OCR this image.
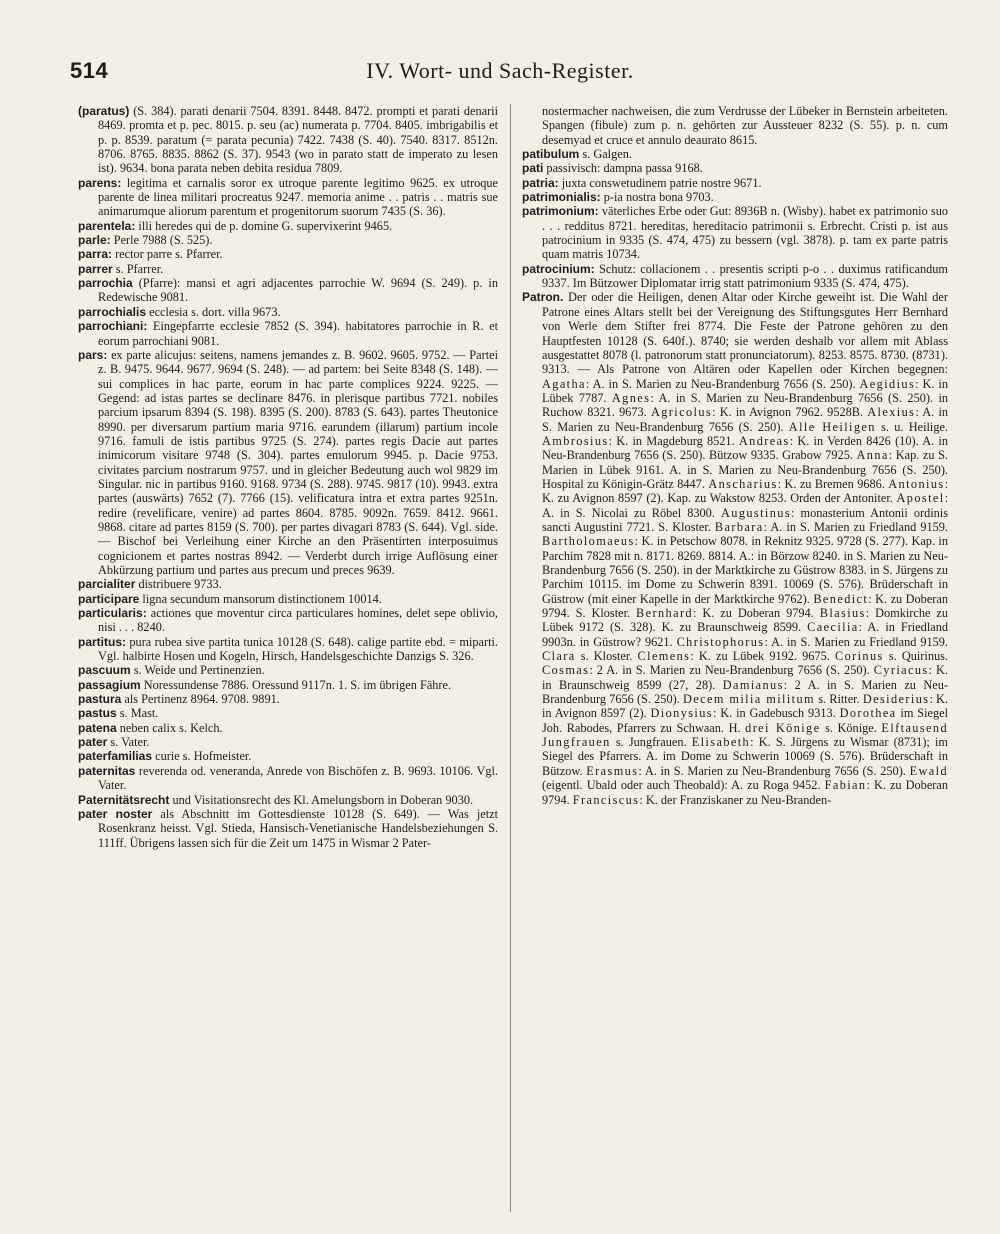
514	IV. Wort- und Sach-Register.

(paratus) (S. 384). parati denarii 7504. 8391. 8448. 8472. prompti et parati denarii 8469. promta et p. pec. 8015. p. seu (ac) numerata p. 7704. 8405. imbrigabilis et p. p. 8539. paratum (= parata pecunia) 7422. 7438 (S. 40). 7540. 8317. 8512n. 8706. 8765. 8835. 8862 (S. 37). 9543 (wo in parato statt de imperato zu lesen ist). 9634. bona parata neben debita residua 7809.

parens: legitima et carnalis soror ex utroque parente legitimo 9625. ex utroque parente de linea militari procreatus 9247. memoria anime . . patris . . matris sue animarumque aliorum parentum et progenitorum suorum 7435 (S. 36).

parentela: illi heredes qui de p. domine G. supervixerint 9465.

parle: Perle 7988 (S. 525).

parra: rector parre s. Pfarrer.

parrer s. Pfarrer.

parrochia (Pfarre): mansi et agri adjacentes parrochie W. 9694 (S. 249). p. in Redewische 9081.

parrochialis ecclesia s. dort. villa 9673.

parrochiani: Eingepfarrte ecclesie 7852 (S. 394). habitatores parrochie in R. et eorum parrochiani 9081.

pars: ex parte alicujus: seitens, namens jemandes z. B. 9602. 9605. 9752. — Partei z. B. 9475. 9644. 9677. 9694 (S. 248). — ad partem: bei Seite 8348 (S. 148). — sui complices in hac parte, eorum in hac parte complices 9224. 9225. — Gegend: ad istas partes se declinare 8476. in plerisque partibus 7721. nobiles parcium ipsarum 8394 (S. 198). 8395 (S. 200). 8783 (S. 643). partes Theutonice 8990. per diversarum partium maria 9716. earundem (illarum) partium incole 9716. famuli de istis partibus 9725 (S. 274). partes regis Dacie aut partes inimicorum visitare 9748 (S. 304). partes emulorum 9945. p. Dacie 9753. civitates parcium nostrarum 9757. und in gleicher Bedeutung auch wol 9829 im Singular. nic in partibus 9160. 9168. 9734 (S. 288). 9745. 9817 (10). 9943. extra partes (auswärts) 7652 (7). 7766 (15). velificatura intra et extra partes 9251n. redire (revelificare, venire) ad partes 8604. 8785. 9092n. 7659. 8412. 9661. 9868. citare ad partes 8159 (S. 700). per partes divagari 8783 (S. 644). Vgl. side. — Bischof bei Verleihung einer Kirche an den Präsentirten interposuimus cognicionem et partes nostras 8942. — Verderbt durch irrige Auflösung einer Abkürzung partium und partes aus precum und preces 9639.

parcialiter distribuere 9733.

participare ligna secundum mansorum distinctionem 10014.

particularis: actiones que moventur circa particulares homines, delet sepe oblivio, nisi . . . 8240.

partitus: pura rubea sive partita tunica 10128 (S. 648). calige partite ebd. = miparti. Vgl. halbirte Hosen und Kogeln, Hirsch, Handelsgeschichte Danzigs S. 326.

pascuum s. Weide und Pertinenzien.

passagium Noressundense 7886. Oressund 9117n. 1. S. im übrigen Fähre.

pastura als Pertinenz 8964. 9708. 9891.

pastus s. Mast.

patena neben calix s. Kelch.

pater s. Vater.

paterfamilias curie s. Hofmeister.

paternitas reverenda od. veneranda, Anrede von Bischöfen z. B. 9693. 10106. Vgl. Vater.

Paternitätsrecht und Visitationsrecht des Kl. Amelungsborn in Doberan 9030.

pater noster als Abschnitt im Gottesdienste 10128 (S. 649). — Was jetzt Rosenkranz heisst. Vgl. Stieda, Hansisch-Venetianische Handelsbeziehungen S. 111ff. Übrigens lassen sich für die Zeit um 1475 in Wismar 2 Pater-

nostermacher nachweisen, die zum Verdrusse der Lübeker in Bernstein arbeiteten. Spangen (fibule) zum p. n. gehörten zur Aussteuer 8232 (S. 55). p. n. cum desemyad et cruce et annulo deaurato 8615.

patibulum s. Galgen.

pati passivisch: dampna passa 9168.

patria: juxta conswetudinem patrie nostre 9671.

patrimonialis: p-ia nostra bona 9703.

patrimonium: väterliches Erbe oder Gut: 8936B n. (Wisby). habet ex patrimonio suo . . . redditus 8721. hereditas, hereditacio patrimonii s. Erbrecht. Cristi p. ist aus patrocinium in 9335 (S. 474, 475) zu bessern (vgl. 3878). p. tam ex parte patris quam matris 10734.

patrocinium: Schutz: collacionem . . presentis scripti p-o . . duximus ratificandum 9337. Im Bützower Diplomatar irrig statt patrimonium 9335 (S. 474, 475).

Patron. Der oder die Heiligen, denen Altar oder Kirche geweiht ist. Die Wahl der Patrone eines Altars stellt bei der Vereignung des Stiftungsgutes Herr Bernhard von Werle dem Stifter frei 8774. Die Feste der Patrone gehören zu den Hauptfesten 10128 (S. 640f.). 8740; sie werden deshalb vor allem mit Ablass ausgestattet 8078 (l. patronorum statt pronunciatorum). 8253. 8575. 8730. (8731). 9313. — Als Patrone von Altären oder Kapellen oder Kirchen begegnen: Agatha: A. in S. Marien zu Neu-Brandenburg 7656 (S. 250). Aegidius: K. in Lübek 7787. Agnes: A. in S. Marien zu Neu-Brandenburg 7656 (S. 250). in Ruchow 8321. 9673. Agricolus: K. in Avignon 7962. 9528B. Alexius: A. in S. Marien zu Neu-Brandenburg 7656 (S. 250). Alle Heiligen s. u. Heilige. Ambrosius: K. in Magdeburg 8521. Andreas: K. in Verden 8426 (10). A. in Neu-Brandenburg 7656 (S. 250). Bützow 9335. Grabow 7925. Anna: Kap. zu S. Marien in Lübek 9161. A. in S. Marien zu Neu-Brandenburg 7656 (S. 250). Hospital zu Königin-Grätz 8447. Anscharius: K. zu Bremen 9686. Antonius: K. zu Avignon 8597 (2). Kap. zu Wakstow 8253. Orden der Antoniter. Apostel: A. in S. Nicolai zu Röbel 8300. Augustinus: monasterium Antonii ordinis sancti Augustini 7721. S. Kloster. Barbara: A. in S. Marien zu Friedland 9159. Bartholomaeus: K. in Petschow 8078. in Reknitz 9325. 9728 (S. 277). Kap. in Parchim 7828 mit n. 8171. 8269. 8814. A.: in Börzow 8240. in S. Marien zu Neu-Brandenburg 7656 (S. 250). in der Marktkirche zu Güstrow 8383. in S. Jürgens zu Parchim 10115. im Dome zu Schwerin 8391. 10069 (S. 576). Brüderschaft in Güstrow (mit einer Kapelle in der Marktkirche 9762). Benedict: K. zu Doberan 9794. S. Kloster. Bernhard: K. zu Doberan 9794. Blasius: Domkirche zu Lübek 9172 (S. 328). K. zu Braunschweig 8599. Caecilia: A. in Friedland 9903n. in Güstrow? 9621. Christophorus: A. in S. Marien zu Friedland 9159. Clara s. Kloster. Clemens: K. zu Lübek 9192. 9675. Corinus s. Quirinus. Cosmas: 2 A. in S. Marien zu Neu-Brandenburg 7656 (S. 250). Cyriacus: K. in Braunschweig 8599 (27, 28). Damianus: 2 A. in S. Marien zu Neu-Brandenburg 7656 (S. 250). Decem milia militum s. Ritter. Desiderius: K. in Avignon 8597 (2). Dionysius: K. in Gadebusch 9313. Dorothea im Siegel Joh. Rabodes, Pfarrers zu Schwaan. H. drei Könige s. Könige. Elftausend Jungfrauen s. Jungfrauen. Elisabeth: K. S. Jürgens zu Wismar (8731); im Siegel des Pfarrers. A. im Dome zu Schwerin 10069 (S. 576). Brüderschaft in Bützow. Erasmus: A. in S. Marien zu Neu-Brandenburg 7656 (S. 250). Ewald (eigentl. Ubald oder auch Theobald): A. zu Roga 9452. Fabian: K. zu Doberan 9794. Franciscus: K. der Franziskaner zu Neu-Branden-
